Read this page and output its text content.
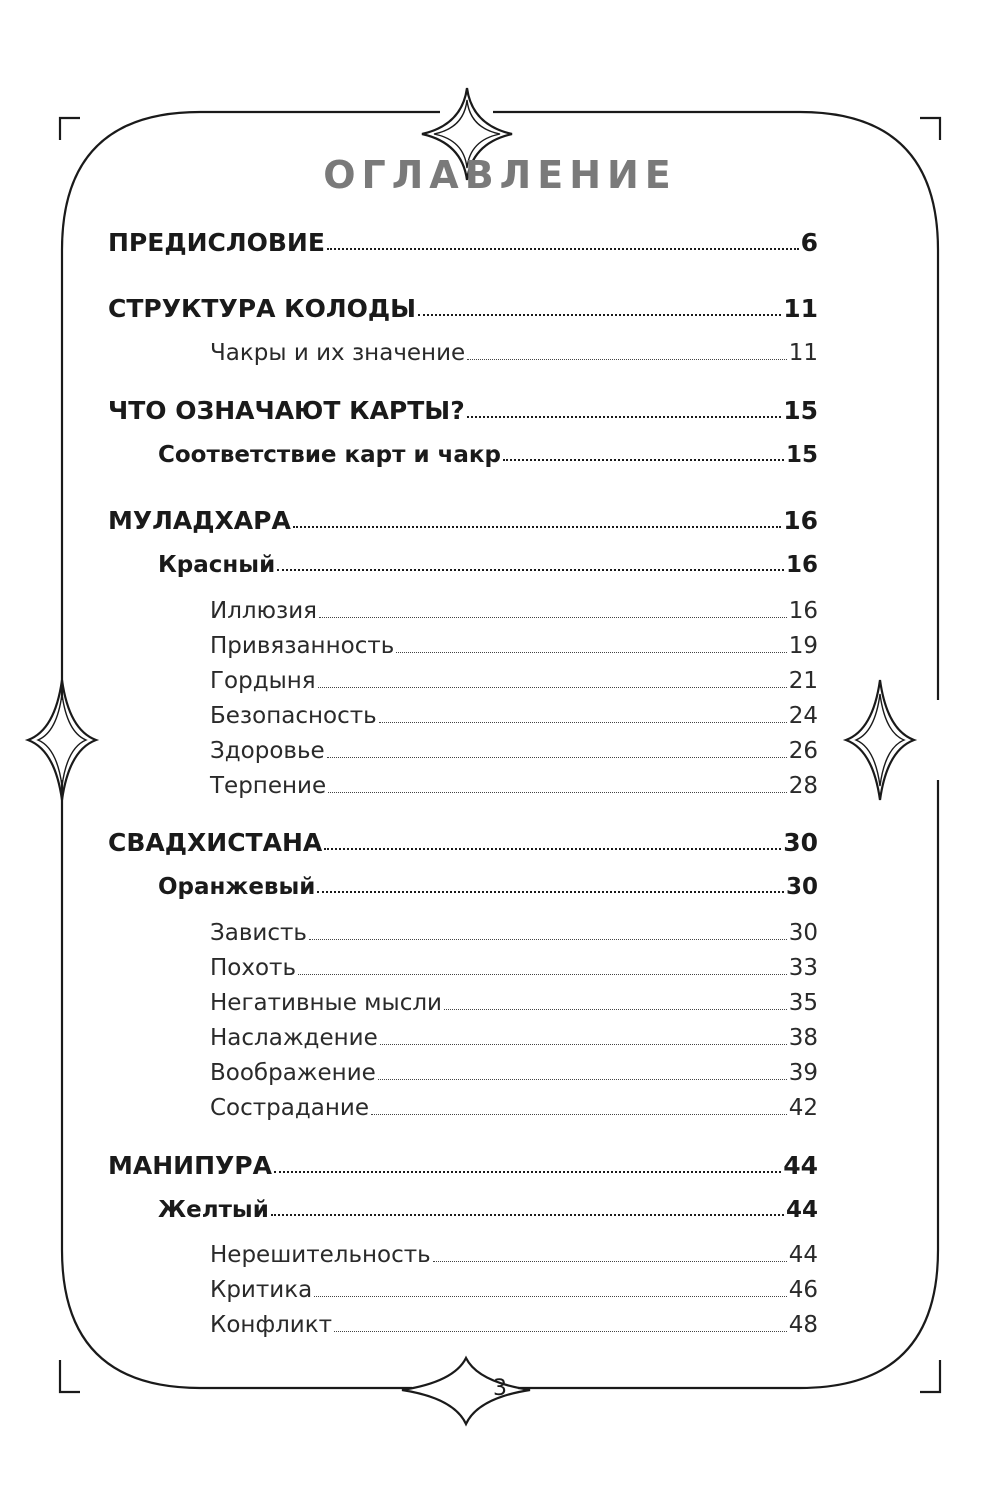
ОГЛАВЛЕНИЕ
ПРЕДИСЛОВИЕ	6
СТРУКТУРА КОЛОДЫ	11
Чакры и их значение	11
ЧТО ОЗНАЧАЮТ КАРТЫ?	15
Соответствие карт и чакр	15
МУЛАДХАРА	16
Красный	16
Иллюзия	16
Привязанность	19
Гордыня	21
Безопасность	24
Здоровье	26
Терпение	28
СВАДХИСТАНА	30
Оранжевый	30
Зависть	30
Похоть	33
Негативные мысли	35
Наслаждение	38
Воображение	39
Сострадание	42
МАНИПУРА	44
Желтый	44
Нерешительность	44
Критика	46
Конфликт	48
3
